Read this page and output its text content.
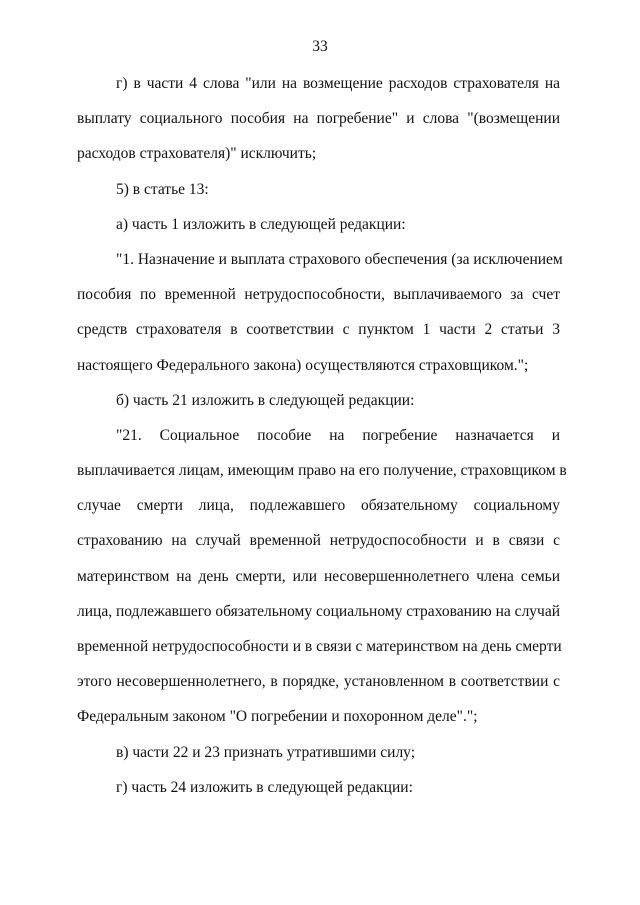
33
г) в части 4 слова "или на возмещение расходов страхователя на
выплату социального пособия на погребение" и слова "(возмещении
расходов страхователя)" исключить;
5) в статье 13:
а) часть 1 изложить в следующей редакции:
"1. Назначение и выплата страхового обеспечения (за исключением
пособия по временной нетрудоспособности, выплачиваемого за счет
средств страхователя в соответствии с пунктом 1 части 2 статьи 3
настоящего Федерального закона) осуществляются страховщиком.";
б) часть 21 изложить в следующей редакции:
"21. Социальное пособие на погребение назначается и
выплачивается лицам, имеющим право на его получение, страховщиком в
случае смерти лица, подлежавшего обязательному социальному
страхованию на случай временной нетрудоспособности и в связи с
материнством на день смерти, или несовершеннолетнего члена семьи
лица, подлежавшего обязательному социальному страхованию на случай
временной нетрудоспособности и в связи с материнством на день смерти
этого несовершеннолетнего, в порядке, установленном в соответствии с
Федеральным законом "О погребении и похоронном деле".";
в) части 22 и 23 признать утратившими силу;
г) часть 24 изложить в следующей редакции:
